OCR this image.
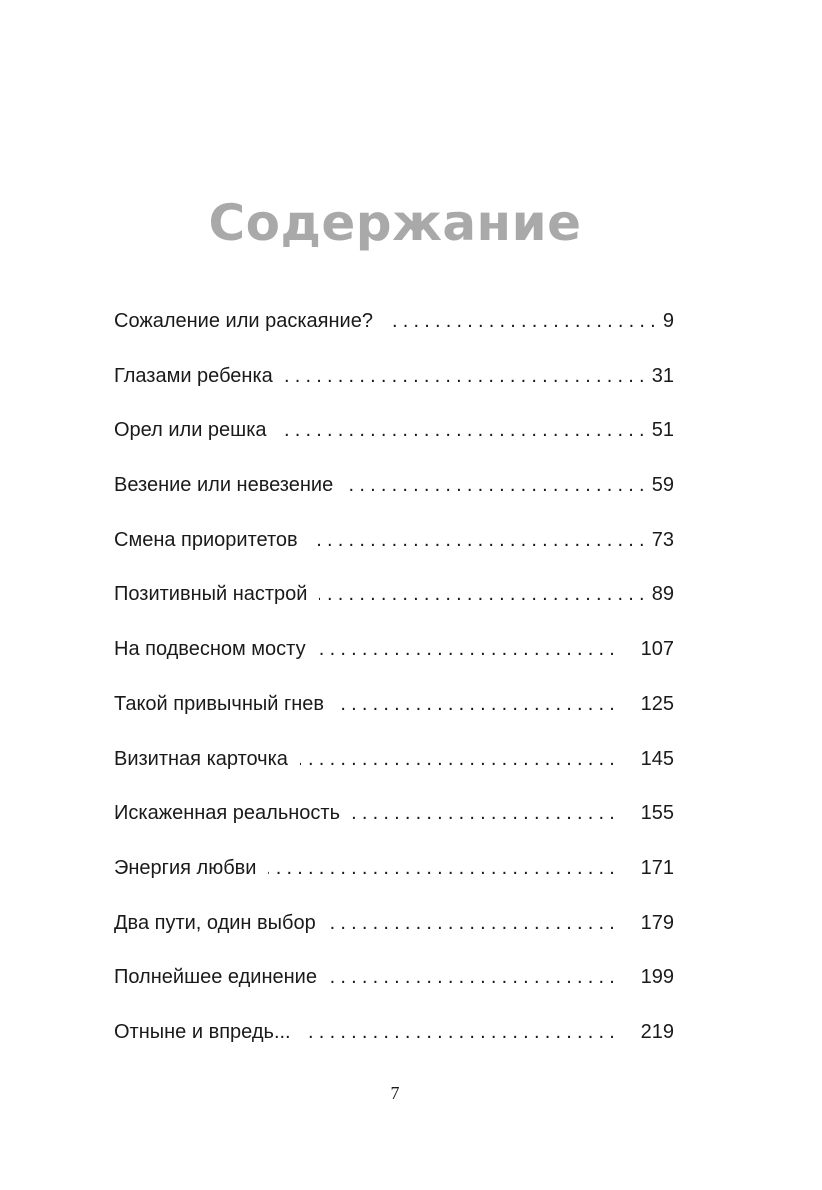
Содержание
Сожаление или раскаяние? .....	9
Глазами ребенка .....	31
Орел или решка .....	51
Везение или невезение .....	59
Смена приоритетов .....	73
Позитивный настрой .....	89
На подвесном мосту .....	107
Такой привычный гнев .....	125
Визитная карточка .....	145
Искаженная реальность .....	155
Энергия любви .....	171
Два пути, один выбор .....	179
Полнейшее единение .....	199
Отныне и впредь... .....	219
7
